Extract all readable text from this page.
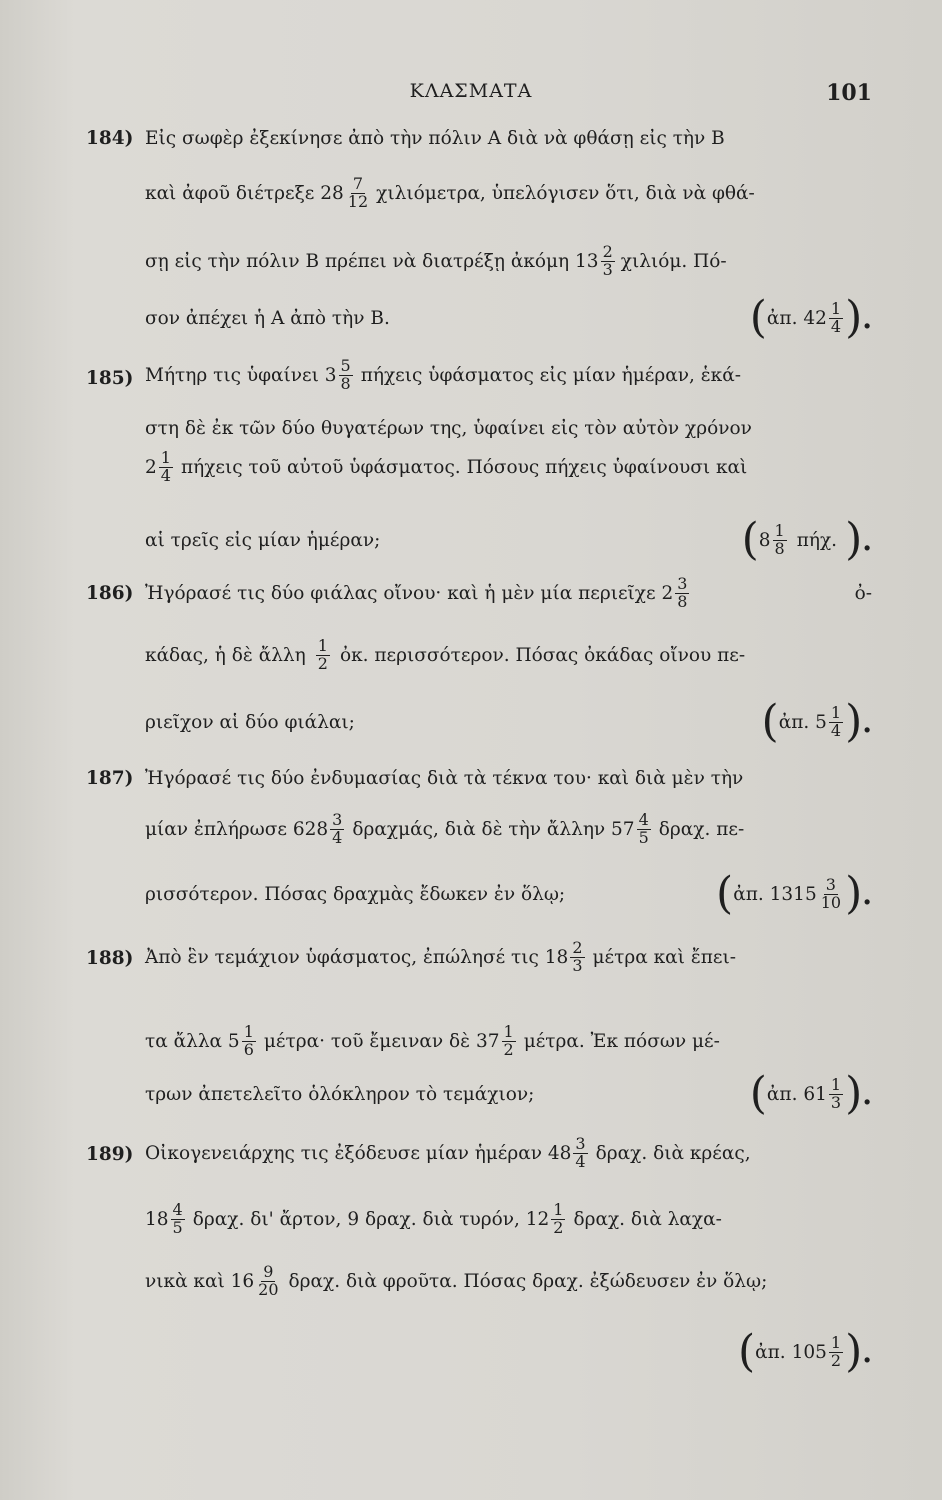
ΚΛΑΣΜΑΤΑ	101
184) Εἰς σωφὲρ ἐξεκίνησε ἀπὸ τὴν πόλιν Α διὰ νὰ φθάσῃ εἰς τὴν Β
καὶ ἀφοῦ διέτρεξε $28 \frac{7}{12} \chi\iota\lambda\iota ό\mu\varepsilon\tau\rho\alpha$, ὑπελόγισεν ὅτι, διὰ νὰ φθά-
σῃ εἰς τὴν πόλιν Β πρέπει νὰ διατρέξῃ ἀκόμη $13 \frac{2}{3} \chi\iota\lambda\iota ό\mu$. Πό-
σον ἀπέχει ἡ Α ἀπὸ τὴν Β.	( ἀπ. $42 \frac{1}{4}$ ) .
185) Μήτηρ τις ὑφαίνει $3 \frac{5}{8}$ πήχεις ὑφάσματος εἰς μίαν ἡμέραν, ἑκά-
στη δὲ ἐκ τῶν δύο θυγατέρων της, ὑφαίνει εἰς τὸν αὐτὸν χρόνον
$2 \frac{1}{4}$ πήχεις τοῦ αὐτοῦ ὑφάσματος. Πόσους πήχεις ὑφαίνουσι καὶ
αἱ τρεῖς εἰς μίαν ἡμέραν;	( $8 \frac{1}{8} \pi ή\chi$. ) .
186) Ἠγόρασέ τις δύο φιάλας οἴνου· καὶ ἡ μὲν μία περιεῖχε $2 \frac{3}{8}$	ὀ-
κάδας, ἡ δὲ ἄλλη $\frac{1}{2}$ ὀκ. περισσότερον. Πόσας ὀκάδας οἴνου πε-
ριεῖχον αἱ δύο φιάλαι;	( ἀπ. $5 \frac{1}{4}$ ) .
187) Ἠγόρασέ τις δύο ἐνδυμασίας διὰ τὰ τέκνα του· καὶ διὰ μὲν τὴν
μίαν ἐπλήρωσε $628 \frac{3}{4} \delta\rho\alpha\chi\mu ά\varsigma$, διὰ δὲ τὴν ἄλλην $57 \frac{4}{5} \delta\rho\alpha\chi$. πε-
ρισσότερον. Πόσας δραχμὰς ἔδωκεν ἐν ὅλῳ;	( ἀπ. $1315 \frac{3}{10}$ ) .
188) Ἀπὸ ἓν τεμάχιον ὑφάσματος, ἐπώλησέ τις $18 \frac{2}{3}$ μέτρα καὶ ἔπει-
τα ἄλλα $5 \frac{1}{6} \mu έ\tau\rho\alpha\cdot$ τοῦ ἔμειναν δὲ $37 \frac{1}{2} \mu έ\tau\rho\alpha$. Ἐκ πόσων μέ-
τρων ἀπετελεῖτο ὁλόκληρον τὸ τεμάχιον;	( ἀπ. $61 \frac{1}{3}$ ) .
189) Οἰκογενειάρχης τις ἐξόδευσε μίαν ἡμέραν $48 \frac{3}{4} \delta\rho\alpha\chi$. διὰ κρέας,
$18 \frac{4}{5} \delta\rho\alpha\chi$. δι' ἄρτον, 9 δραχ. διὰ τυρόν, $12 \frac{1}{2} \delta\rho\alpha\chi$. διὰ λαχα-
νικὰ καὶ $16 \frac{9}{20} \delta\rho\alpha\chi$. διὰ φροῦτα. Πόσας δραχ. ἐξώδευσεν ἐν ὅλῳ;
( ἀπ. $105 \frac{1}{2}$ ) .
